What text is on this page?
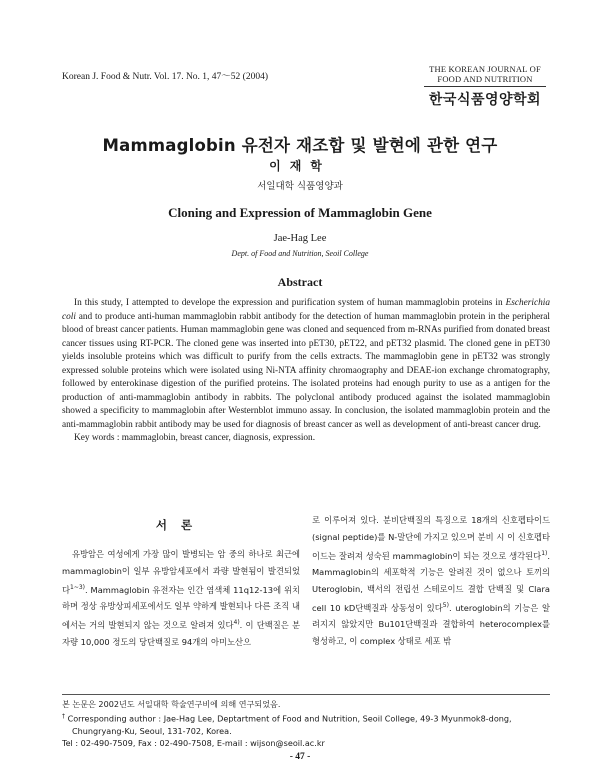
Korean J. Food & Nutr. Vol. 17. No. 1, 47～52 (2004)
THE KOREAN JOURNAL OF
FOOD AND NUTRITION
한국식품영양학회
Mammaglobin 유전자 재조합 및 발현에 관한 연구
이재학
서일대학 식품영양과
Cloning and Expression of Mammaglobin Gene
Jae-Hag Lee
Dept. of Food and Nutrition, Seoil College
Abstract

In this study, I attempted to develope the expression and purification system of human mammaglobin proteins in Escherichia coli and to produce anti-human mammaglobin rabbit antibody for the detection of human mammaglobin protein in the peripheral blood of breast cancer patients. Human mammaglobin gene was cloned and sequenced from m-RNAs purified from donated breast cancer tissues using RT-PCR. The cloned gene was inserted into pET30, pET22, and pET32 plasmid. The cloned gene in pET30 yields insoluble proteins which was difficult to purify from the cells extracts. The mammaglobin gene in pET32 was strongly expressed soluble proteins which were isolated using Ni-NTA affinity chromaography and DEAE-ion exchange chromatography, followed by enterokinase digestion of the purified proteins. The isolated proteins had enough purity to use as a antigen for the production of anti-mammaglobin antibody in rabbits. The polyclonal antibody produced against the isolated mammaglobin showed a specificity to mammaglobin after Westernblot immuno assay. In conclusion, the isolated mammaglobin protein and the anti-mammaglobin rabbit antibody may be used for diagnosis of breast cancer as well as development of anti-breast cancer drug.

Key words : mammaglobin, breast cancer, diagnosis, expression.

서론

유방암은 여성에게 가장 많이 발병되는 암 중의 하나로 최근에 mammaglobin이 일부 유방암세포에서 과량 발현됨이 발견되었다$^{1\sim 3)}$. Mammaglobin 유전자는 인간 염색체 11q12-13에 위치하며 정상 유방상피세포에서도 일부 약하게 발현되나 다른 조직 내에서는 거의 발현되지 않는 것으로 알려져 있다$^{4)}$. 이 단백질은 분자량 10,000 정도의 당단백질로 94개의 아미노산으

로 이루어져 있다. 분비단백질의 특징으로 18개의 신호펩타이드 (signal peptide)를 N-말단에 가지고 있으며 분비 시 이 신호펩타이드는 잘려져 성숙된 mammaglobin이 되는 것으로 생각된다$^{1)}$. Mammaglobin의 세포학적 기능은 알려진 것이 없으나 토끼의 Uteroglobin, 백서의 전립선 스테로이드 결합 단백질 및 Clara cell 10 kD단백질과 상동성이 있다$^{5)}$. uteroglobin의 기능은 알려지지 않았지만 Bu101단백질과 결합하여 heterocomplex를 형성하고, 이 complex 상태로 세포 밖

본 논문은 2002년도 서일대학 학술연구비에 의해 연구되었음.

† Corresponding author : Jae-Hag Lee, Deptartment of Food and Nutrition, Seoil College, 49-3 Myunmok8-dong,

Chungryang-Ku, Seoul, 131-702, Korea.

Tel : 02-490-7509, Fax : 02-490-7508, E-mail : wijson@seoil.ac.kr

- 47 -
